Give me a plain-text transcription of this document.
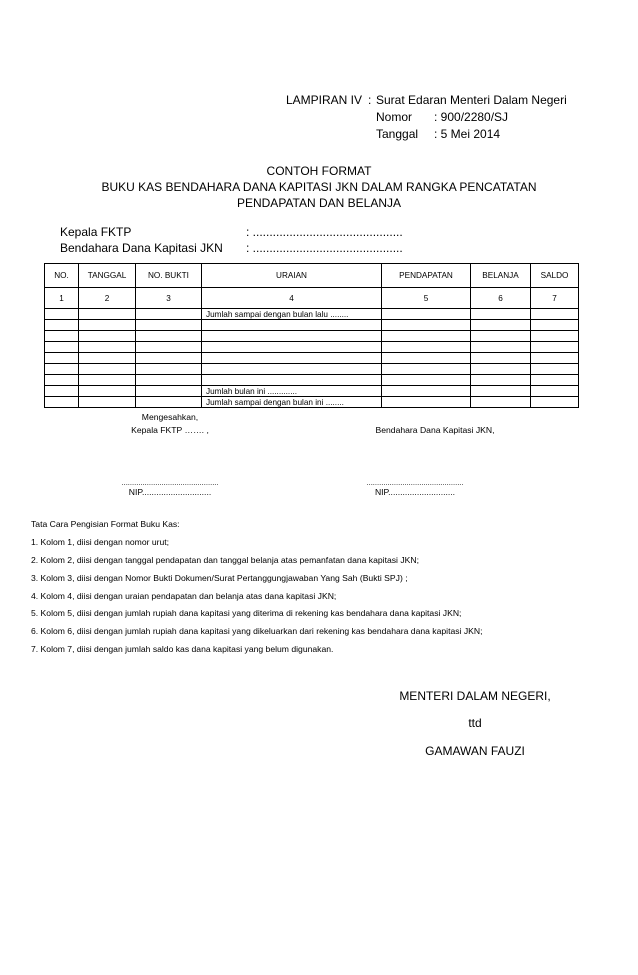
LAMPIRAN IV : Surat Edaran Menteri Dalam Negeri
Nomor : 900/2280/SJ
Tanggal : 5 Mei 2014
CONTOH FORMAT
BUKU KAS BENDAHARA DANA KAPITASI JKN DALAM RANGKA PENCATATAN
PENDAPATAN DAN BELANJA
Kepala FKTP	: .............................................
Bendahara Dana Kapitasi JKN : .............................................
NO.	TANGGAL	NO. BUKTI	URAIAN	PENDAPATAN	BELANJA	SALDO
1	2	3	4	5	6	7
			Jumlah sampai dengan bulan lalu ........			

			Jumlah bulan ini .............			
			Jumlah sampai dengan bulan ini ........			
Mengesahkan,
Kepala FKTP ……. ,	Bendahara Dana Kapitasi JKN,
..............................................
NIP.............................
..............................................
NIP............................
Tata Cara Pengisian Format Buku Kas:
1. Kolom 1, diisi dengan nomor urut;
2. Kolom 2, diisi dengan tanggal pendapatan dan tanggal belanja atas pemanfatan dana kapitasi JKN;
3. Kolom 3, diisi dengan Nomor Bukti Dokumen/Surat Pertanggungjawaban Yang Sah (Bukti SPJ) ;
4. Kolom 4, diisi dengan uraian pendapatan dan belanja atas dana kapitasi JKN;
5. Kolom 5, diisi dengan jumlah rupiah dana kapitasi yang diterima di rekening kas bendahara dana kapitasi JKN;
6. Kolom 6, diisi dengan jumlah rupiah dana kapitasi yang dikeluarkan dari rekening kas bendahara dana kapitasi JKN;
7. Kolom 7, diisi dengan jumlah saldo kas dana kapitasi yang belum digunakan.
MENTERI DALAM NEGERI,
ttd
GAMAWAN FAUZI
